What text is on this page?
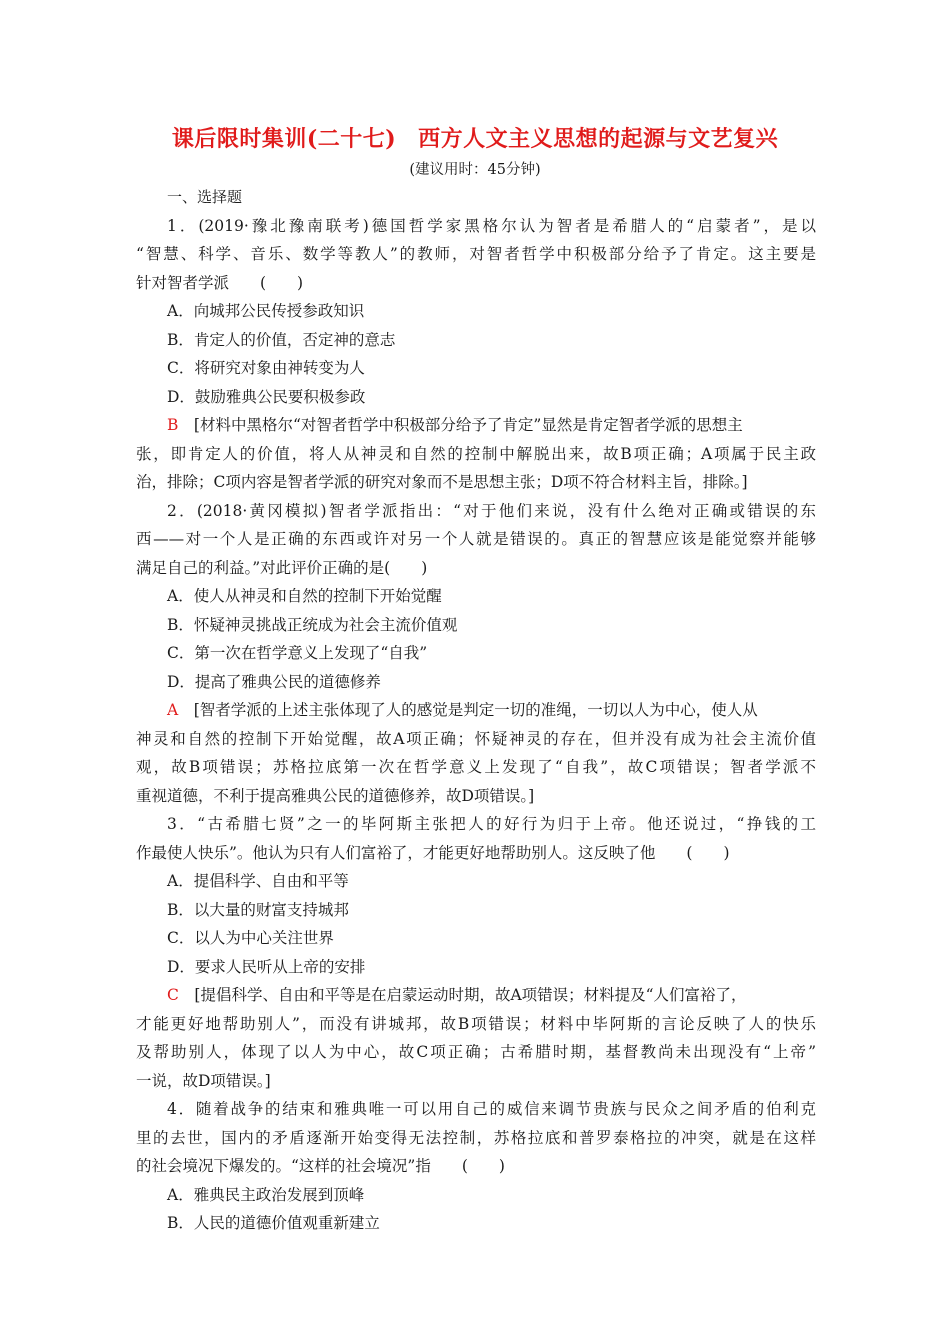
课后限时集训(二十七) 西方人文主义思想的起源与文艺复兴
(建议用时：45分钟)
一、选择题
1．(2019·豫北豫南联考)德国哲学家黑格尔认为智者是希腊人的“启蒙者”，是以
“智慧、科学、音乐、数学等教人”的教师，对智者哲学中积极部分给予了肯定。这主要是
针对智者学派　　(　　)
A．向城邦公民传授参政知识
B．肯定人的价值，否定神的意志
C．将研究对象由神转变为人
D．鼓励雅典公民要积极参政
B　 [材料中黑格尔“对智者哲学中积极部分给予了肯定”显然是肯定智者学派的思想主
张，即肯定人的价值，将人从神灵和自然的控制中解脱出来，故B项正确；A项属于民主政
治，排除；C项内容是智者学派的研究对象而不是思想主张；D项不符合材料主旨，排除。]
2．(2018·黄冈模拟)智者学派指出：“对于他们来说，没有什么绝对正确或错误的东
西——对一个人是正确的东西或许对另一个人就是错误的。真正的智慧应该是能觉察并能够
满足自己的利益。”对此评价正确的是(　　)
A．使人从神灵和自然的控制下开始觉醒
B．怀疑神灵挑战正统成为社会主流价值观
C．第一次在哲学意义上发现了“自我”
D．提高了雅典公民的道德修养
A　 [智者学派的上述主张体现了人的感觉是判定一切的准绳，一切以人为中心，使人从
神灵和自然的控制下开始觉醒，故A项正确；怀疑神灵的存在，但并没有成为社会主流价值
观，故B项错误；苏格拉底第一次在哲学意义上发现了“自我”，故C项错误；智者学派不
重视道德，不利于提高雅典公民的道德修养，故D项错误。]
3．“古希腊七贤”之一的毕阿斯主张把人的好行为归于上帝。他还说过，“挣钱的工
作最使人快乐”。他认为只有人们富裕了，才能更好地帮助别人。这反映了他　　(　　)
A．提倡科学、自由和平等
B．以大量的财富支持城邦
C．以人为中心关注世界
D．要求人民听从上帝的安排
C　 [提倡科学、自由和平等是在启蒙运动时期，故A项错误；材料提及“人们富裕了，
才能更好地帮助别人”，而没有讲城邦，故B项错误；材料中毕阿斯的言论反映了人的快乐
及帮助别人，体现了以人为中心，故C项正确；古希腊时期，基督教尚未出现没有“上帝”
一说，故D项错误。]
4．随着战争的结束和雅典唯一可以用自己的威信来调节贵族与民众之间矛盾的伯利克
里的去世，国内的矛盾逐渐开始变得无法控制，苏格拉底和普罗泰格拉的冲突，就是在这样
的社会境况下爆发的。“这样的社会境况”指　　(　　)
A．雅典民主政治发展到顶峰
B．人民的道德价值观重新建立
